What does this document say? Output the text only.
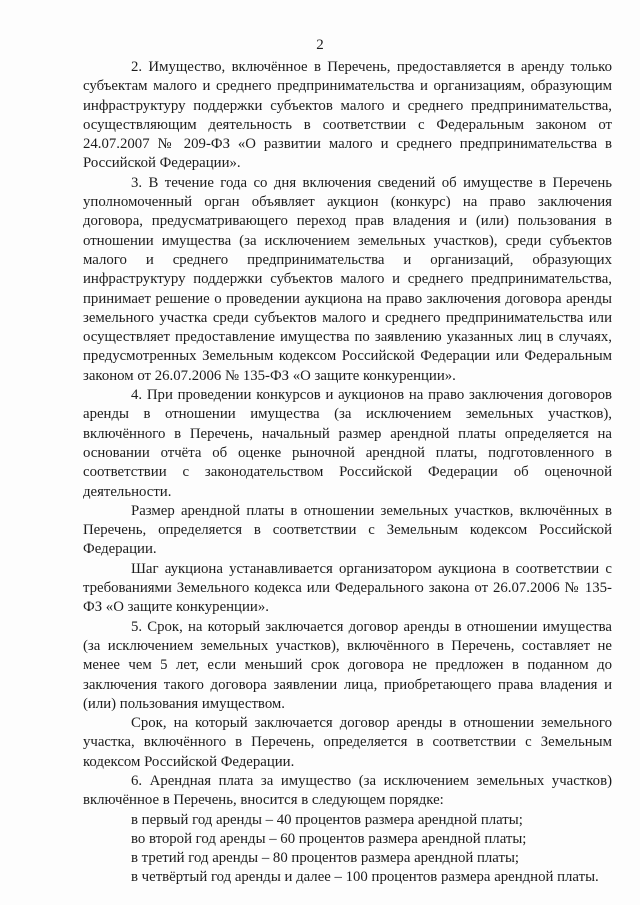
2

2. Имущество, включённое в Перечень, предоставляется в аренду только субъектам малого и среднего предпринимательства и организациям, образующим инфраструктуру поддержки субъектов малого и среднего предпринимательства, осуществляющим деятельность в соответствии с Федеральным законом от 24.07.2007 № 209-ФЗ «О развитии малого и среднего предпринимательства в Российской Федерации».

3. В течение года со дня включения сведений об имуществе в Перечень уполномоченный орган объявляет аукцион (конкурс) на право заключения договора, предусматривающего переход прав владения и (или) пользования в отношении имущества (за исключением земельных участков), среди субъектов малого и среднего предпринимательства и организаций, образующих инфраструктуру поддержки субъектов малого и среднего предпринимательства, принимает решение о проведении аукциона на право заключения договора аренды земельного участка среди субъектов малого и среднего предпринимательства или осуществляет предоставление имущества по заявлению указанных лиц в случаях, предусмотренных Земельным кодексом Российской Федерации или Федеральным законом от 26.07.2006 № 135-ФЗ «О защите конкуренции».

4. При проведении конкурсов и аукционов на право заключения договоров аренды в отношении имущества (за исключением земельных участков), включённого в Перечень, начальный размер арендной платы определяется на основании отчёта об оценке рыночной арендной платы, подготовленного в соответствии с законодательством Российской Федерации об оценочной деятельности.

Размер арендной платы в отношении земельных участков, включённых в Перечень, определяется в соответствии с Земельным кодексом Российской Федерации.

Шаг аукциона устанавливается организатором аукциона в соответствии с требованиями Земельного кодекса или Федерального закона от 26.07.2006 № 135-ФЗ «О защите конкуренции».

5. Срок, на который заключается договор аренды в отношении имущества (за исключением земельных участков), включённого в Перечень, составляет не менее чем 5 лет, если меньший срок договора не предложен в поданном до заключения такого договора заявлении лица, приобретающего права владения и (или) пользования имуществом.

Срок, на который заключается договор аренды в отношении земельного участка, включённого в Перечень, определяется в соответствии с Земельным кодексом Российской Федерации.

6. Арендная плата за имущество (за исключением земельных участков) включённое в Перечень, вносится в следующем порядке:

в первый год аренды – 40 процентов размера арендной платы;

во второй год аренды – 60 процентов размера арендной платы;

в третий год аренды – 80 процентов размера арендной платы;

в четвёртый год аренды и далее – 100 процентов размера арендной платы.
